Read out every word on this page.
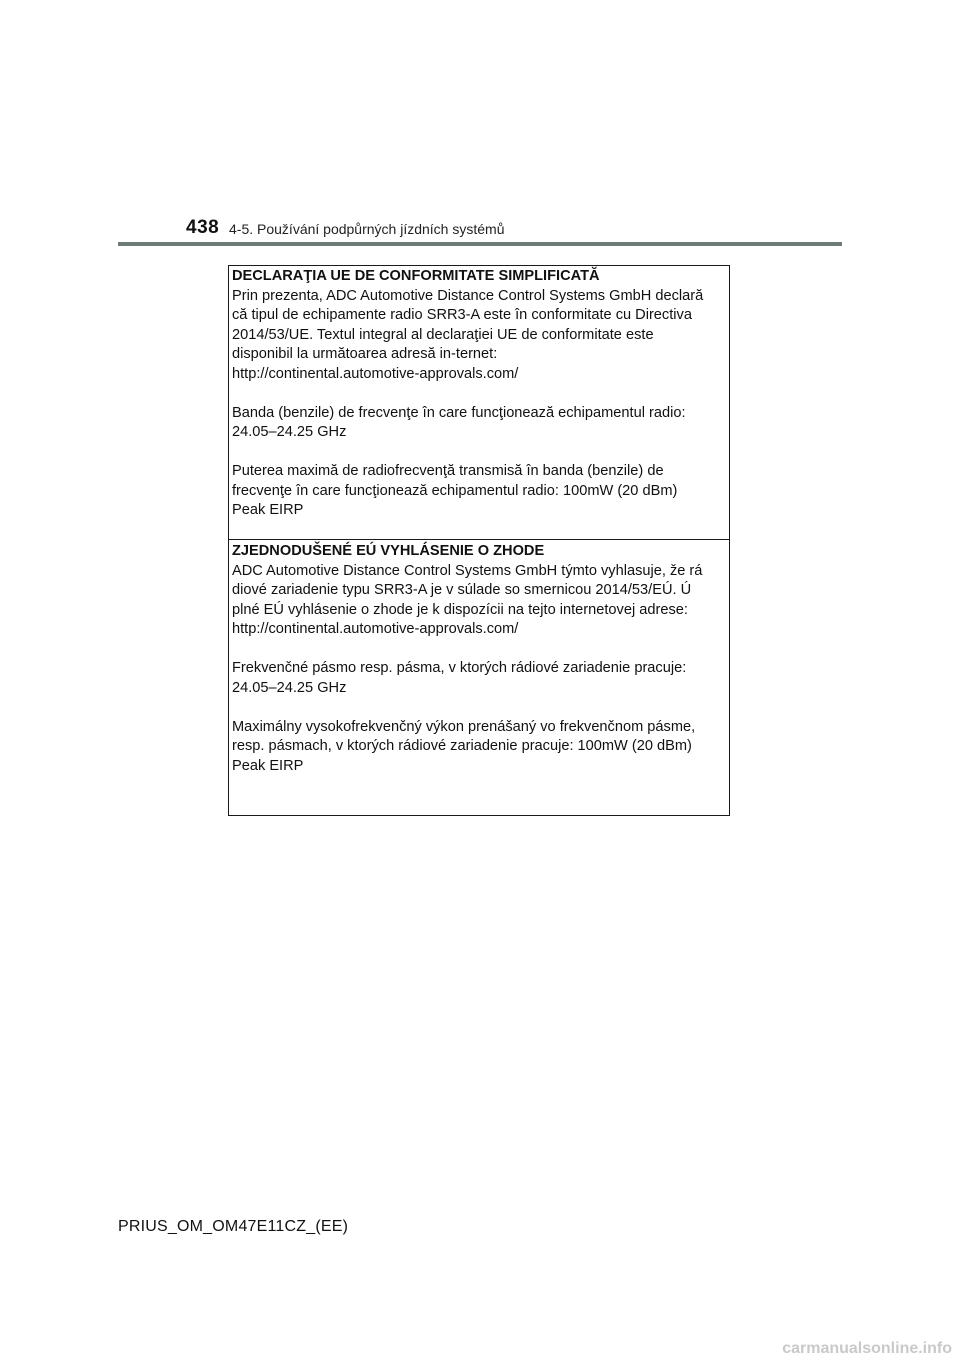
438 4-5. Používání podpůrných jízdních systémů

DECLARAŢIA UE DE CONFORMITATE SIMPLIFICATĂ

Prin prezenta, ADC Automotive Distance Control Systems GmbH declară
că tipul de echipamente radio SRR3-A este în conformitate cu Directiva
2014/53/UE. Textul integral al declaraţiei UE de conformitate este
disponibil la următoarea adresă in-ternet:
http://continental.automotive-approvals.com/

Banda (benzile) de frecvenţe în care funcţionează echipamentul radio:
24.05–24.25 GHz

Puterea maximă de radiofrecvenţă transmisă în banda (benzile) de
frecvenţe în care funcţionează echipamentul radio: 100mW (20 dBm)
Peak EIRP

ZJEDNODUŠENÉ EÚ VYHLÁSENIE O ZHODE

ADC Automotive Distance Control Systems GmbH týmto vyhlasuje, že rá
diové zariadenie typu SRR3-A je v súlade so smernicou 2014/53/EÚ. Ú
plné EÚ vyhlásenie o zhode je k dispozícii na tejto internetovej adrese:
http://continental.automotive-approvals.com/

Frekvenčné pásmo resp. pásma, v ktorých rádiové zariadenie pracuje:
24.05–24.25 GHz

Maximálny vysokofrekvenčný výkon prenášaný vo frekvenčnom pásme,
resp. pásmach, v ktorých rádiové zariadenie pracuje: 100mW (20 dBm)
Peak EIRP

PRIUS_OM_OM47E11CZ_(EE)
carmanualsonline.info
